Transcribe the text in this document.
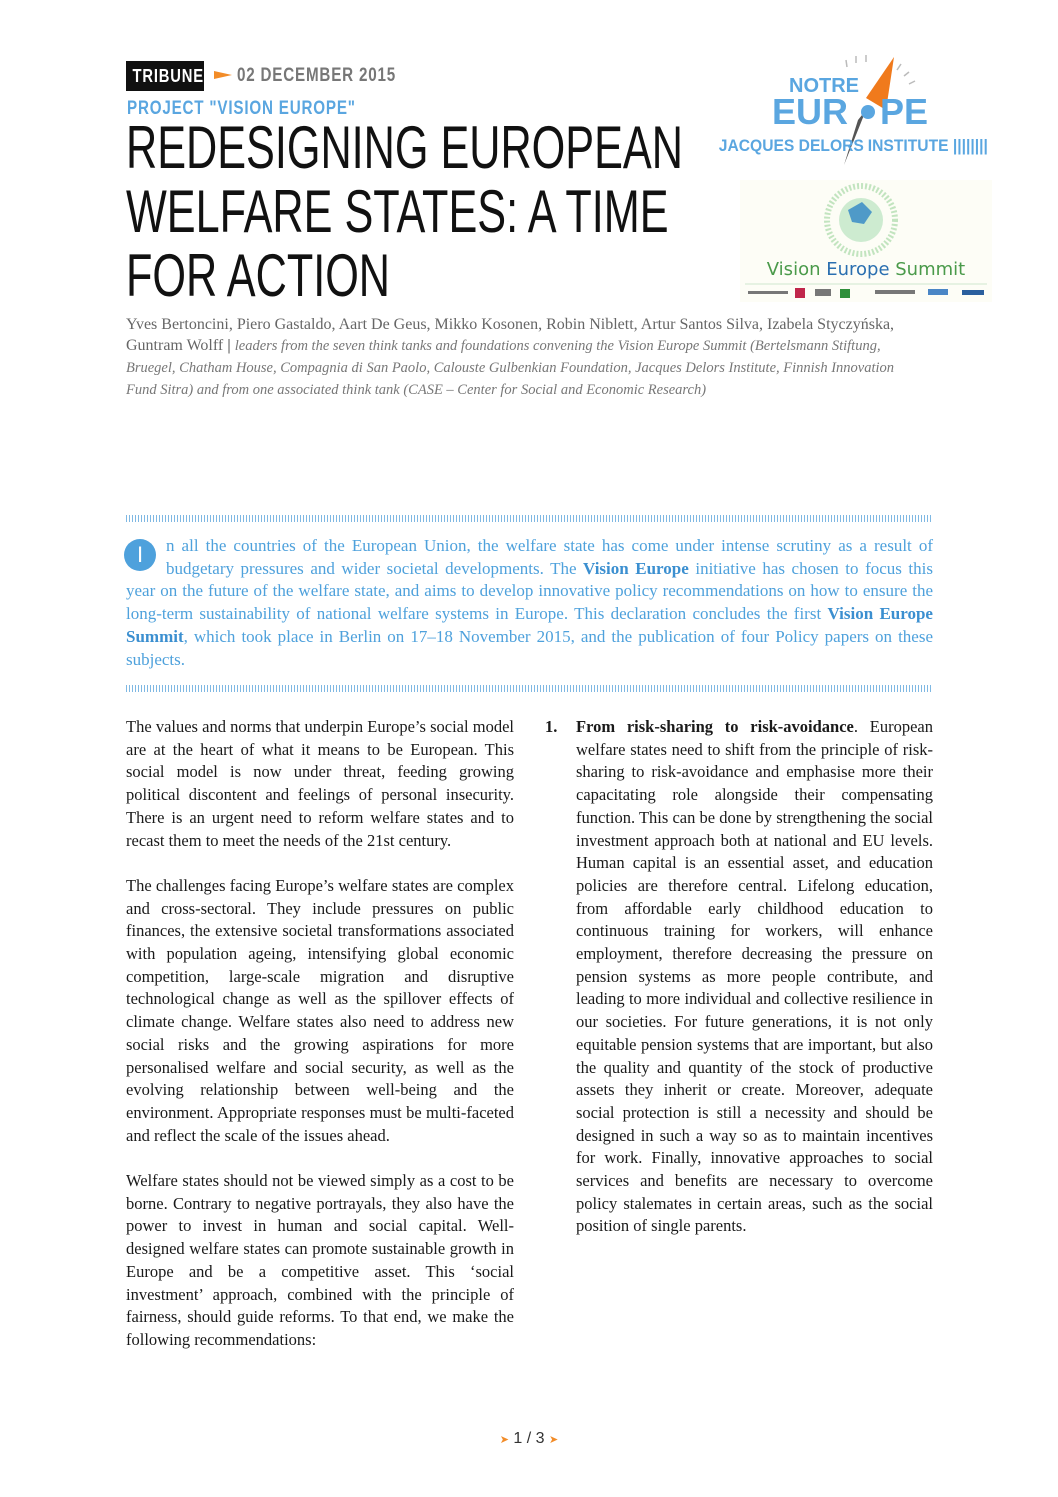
TRIBUNE 02 DECEMBER 2015
PROJECT "VISION EUROPE"
REDESIGNING EUROPEAN WELFARE STATES: A TIME FOR ACTION
Yves Bertoncini, Piero Gastaldo, Aart De Geus, Mikko Kosonen, Robin Niblett, Artur Santos Silva, Izabela Styczyńska, Guntram Wolff | leaders from the seven think tanks and foundations convening the Vision Europe Summit (Bertelsmann Stiftung, Bruegel, Chatham House, Compagnia di San Paolo, Calouste Gulbenkian Foundation, Jacques Delors Institute, Finnish Innovation Fund Sitra) and from one associated think tank (CASE – Center for Social and Economic Research)
NOTRE
EUR PE
JACQUES DELORS INSTITUTE ||||||||
Vision Europe Summit
I	n all the countries of the European Union, the welfare state has come under intense scrutiny as a result of budgetary pressures and wider societal developments. The Vision Europe initiative has chosen to focus this year on the future of the welfare state, and aims to develop innovative policy recommendations on how to ensure the long-term sustainability of national welfare systems in Europe. This declaration concludes the first Vision Europe Summit, which took place in Berlin on 17–18 November 2015, and the publication of four Policy papers on these subjects.

The values and norms that underpin Europe’s social model are at the heart of what it means to be European. This social model is now under threat, feeding growing political discontent and feelings of personal insecurity. There is an urgent need to reform welfare states and to recast them to meet the needs of the 21st century.

The challenges facing Europe’s welfare states are complex and cross-sectoral. They include pressures on public finances, the extensive societal transformations associated with population ageing, intensifying global economic competition, large-scale migration and disruptive technological change as well as the spillover effects of climate change. Welfare states also need to address new social risks and the growing aspirations for more personalised welfare and social security, as well as the evolving relationship between well-being and the environment. Appropriate responses must be multi-faceted and reflect the scale of the issues ahead.

Welfare states should not be viewed simply as a cost to be borne. Contrary to negative portrayals, they also have the power to invest in human and social capital. Well-designed welfare states can promote sustainable growth in Europe and be a competitive asset. This ‘social investment’ approach, combined with the principle of fairness, should guide reforms. To that end, we make the following recommendations:

1. From risk-sharing to risk-avoidance. European welfare states need to shift from the principle of risk-sharing to risk-avoidance and emphasise more their capacitating role alongside their compensating function. This can be done by strengthening the social investment approach both at national and EU levels. Human capital is an essential asset, and education policies are therefore central. Lifelong education, from affordable early childhood education to continuous training for workers, will enhance employment, therefore decreasing the pressure on pension systems as more people contribute, and leading to more individual and collective resilience in our societies. For future generations, it is not only equitable pension systems that are important, but also the quality and quantity of the stock of productive assets they inherit or create. Moreover, adequate social protection is still a necessity and should be designed in such a way so as to maintain incentives for work. Finally, innovative approaches to social services and benefits are necessary to overcome policy stalemates in certain areas, such as the social position of single parents.

➤ 1 / 3 ➤
